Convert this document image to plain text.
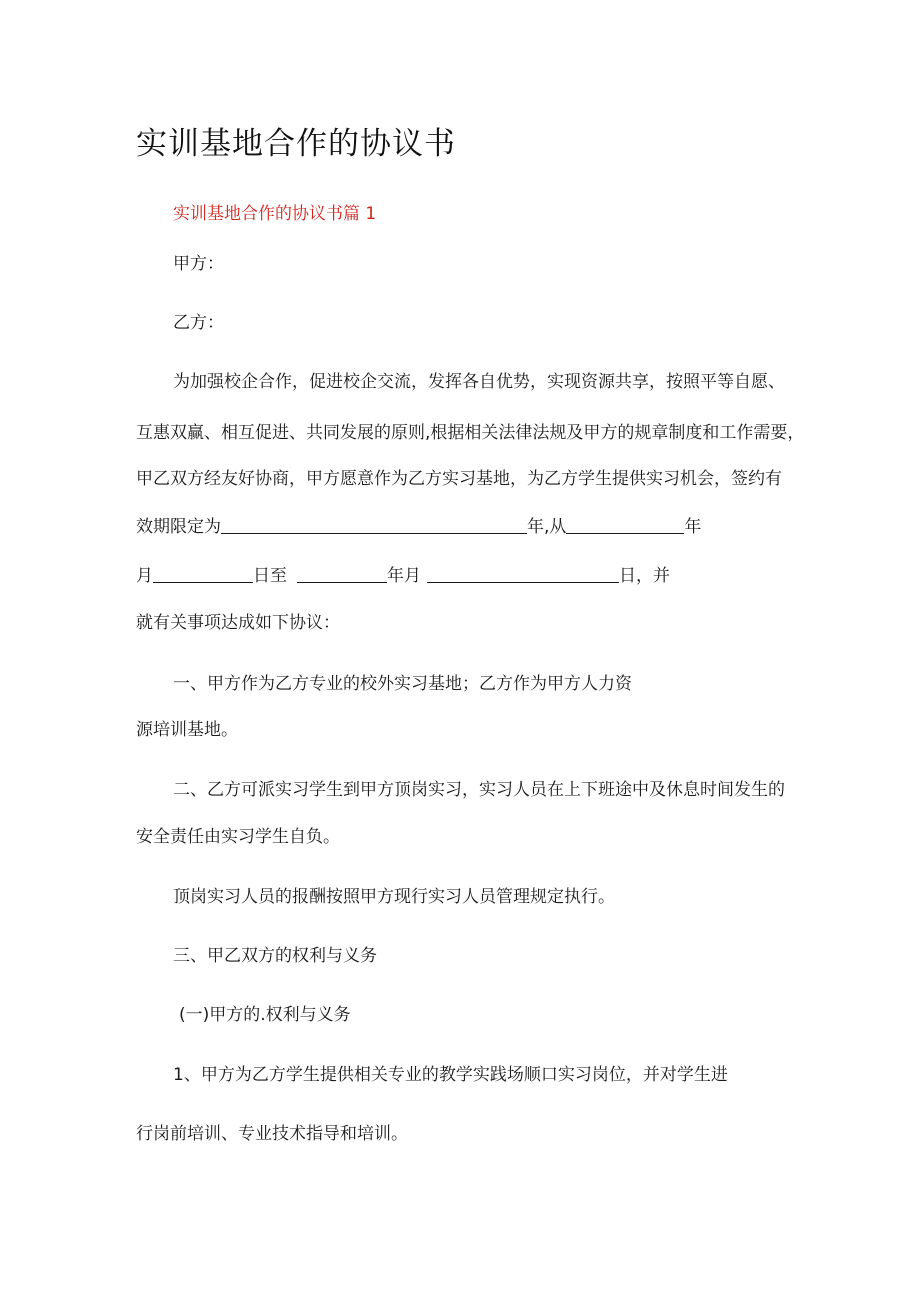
实训基地合作的协议书
实训基地合作的协议书篇 1
甲方：
乙方：
为加强校企合作，促进校企交流，发挥各自优势，实现资源共享，按照平等自愿、
互惠双赢、相互促进、共同发展的原则,根据相关法律法规及甲方的规章制度和工作需要，
甲乙双方经友好协商，甲方愿意作为乙方实习基地，为乙方学生提供实习机会，签约有
效期限定为	年,从	年
月	日至	年月	日，并
就有关事项达成如下协议：
一、甲方作为乙方专业的校外实习基地；乙方作为甲方人力资
源培训基地。
二、乙方可派实习学生到甲方顶岗实习，实习人员在上下班途中及休息时间发生的
安全责任由实习学生自负。
顶岗实习人员的报酬按照甲方现行实习人员管理规定执行。
三、甲乙双方的权利与义务
(一)甲方的.权利与义务
1、甲方为乙方学生提供相关专业的教学实践场顺口实习岗位，并对学生进
行岗前培训、专业技术指导和培训。
